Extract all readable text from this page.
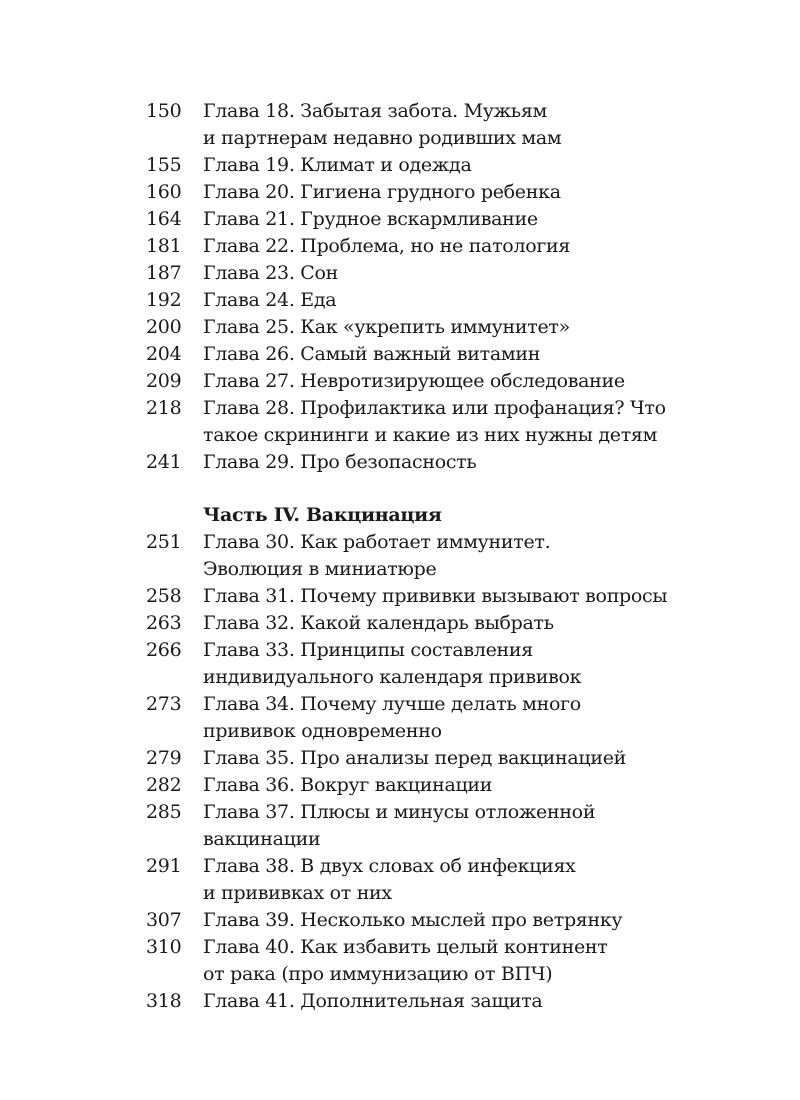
150	Глава 18. Забытая забота. Мужьям
и партнерам недавно родивших мам
155	Глава 19. Климат и одежда
160	Глава 20. Гигиена грудного ребенка
164	Глава 21. Грудное вскармливание
181	Глава 22. Проблема, но не патология
187	Глава 23. Сон
192	Глава 24. Еда
200	Глава 25. Как «укрепить иммунитет»
204	Глава 26. Самый важный витамин
209	Глава 27. Невротизирующее обследование
218	Глава 28. Профилактика или профанация? Что
такое скрининги и какие из них нужны детям
241	Глава 29. Про безопасность
Часть IV. Вакцинация
251	Глава 30. Как работает иммунитет.
Эволюция в миниатюре
258	Глава 31. Почему прививки вызывают вопросы
263	Глава 32. Какой календарь выбрать
266	Глава 33. Принципы составления
индивидуального календаря прививок
273	Глава 34. Почему лучше делать много
прививок одновременно
279	Глава 35. Про анализы перед вакцинацией
282	Глава 36. Вокруг вакцинации
285	Глава 37. Плюсы и минусы отложенной вакцинации
291	Глава 38. В двух словах об инфекциях
и прививках от них
307	Глава 39. Несколько мыслей про ветрянку
310	Глава 40. Как избавить целый континент
от рака (про иммунизацию от ВПЧ)
318	Глава 41. Дополнительная защита
